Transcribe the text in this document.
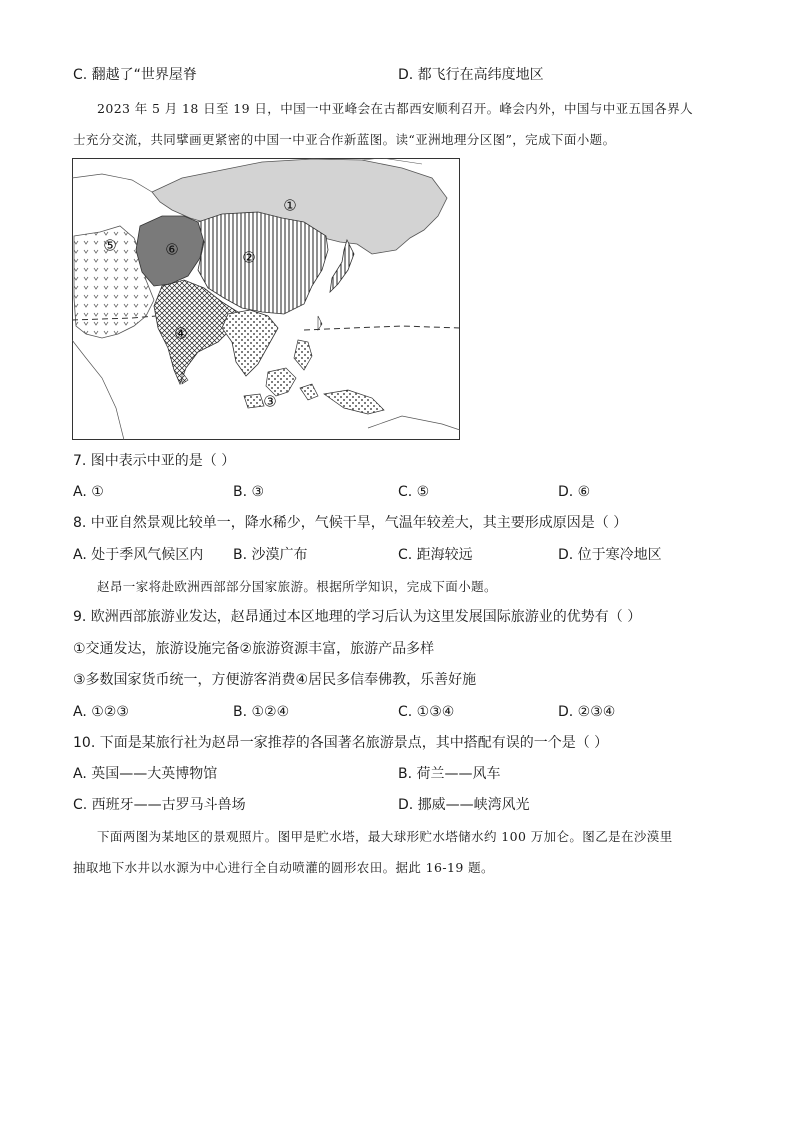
C. 翻越了“世界屋脊	D. 都飞行在高纬度地区
2023 年 5 月 18 日至 19 日，中国一中亚峰会在古都西安顺利召开。峰会内外，中国与中亚五国各界人
士充分交流，共同擘画更紧密的中国一中亚合作新蓝图。读“亚洲地理分区图”，完成下面小题。
①
②
③
④
⑤	⑥
7. 图中表示中亚的是（ ）
A. ①	B. ③	C. ⑤	D. ⑥
8. 中亚自然景观比较单一，降水稀少，气候干旱，气温年较差大，其主要形成原因是（ ）
A. 处于季风气候区内 B. 沙漠广布	C. 距海较远	D. 位于寒冷地区
赵昂一家将赴欧洲西部部分国家旅游。根据所学知识，完成下面小题。
9. 欧洲西部旅游业发达，赵昂通过本区地理的学习后认为这里发展国际旅游业的优势有（ ）
①交通发达，旅游设施完备②旅游资源丰富，旅游产品多样
③多数国家货币统一，方便游客消费④居民多信奉佛教，乐善好施
A. ①②③	B. ①②④	C. ①③④	D. ②③④
10. 下面是某旅行社为赵昂一家推荐的各国著名旅游景点，其中搭配有误的一个是（ ）
A. 英国——大英博物馆	B. 荷兰——风车
C. 西班牙——古罗马斗兽场	D. 挪威——峡湾风光
下面两图为某地区的景观照片。图甲是贮水塔，最大球形贮水塔储水约 100 万加仑。图乙是在沙漠里
抽取地下水井以水源为中心进行全自动喷灌的圆形农田。据此 16-19 题。
